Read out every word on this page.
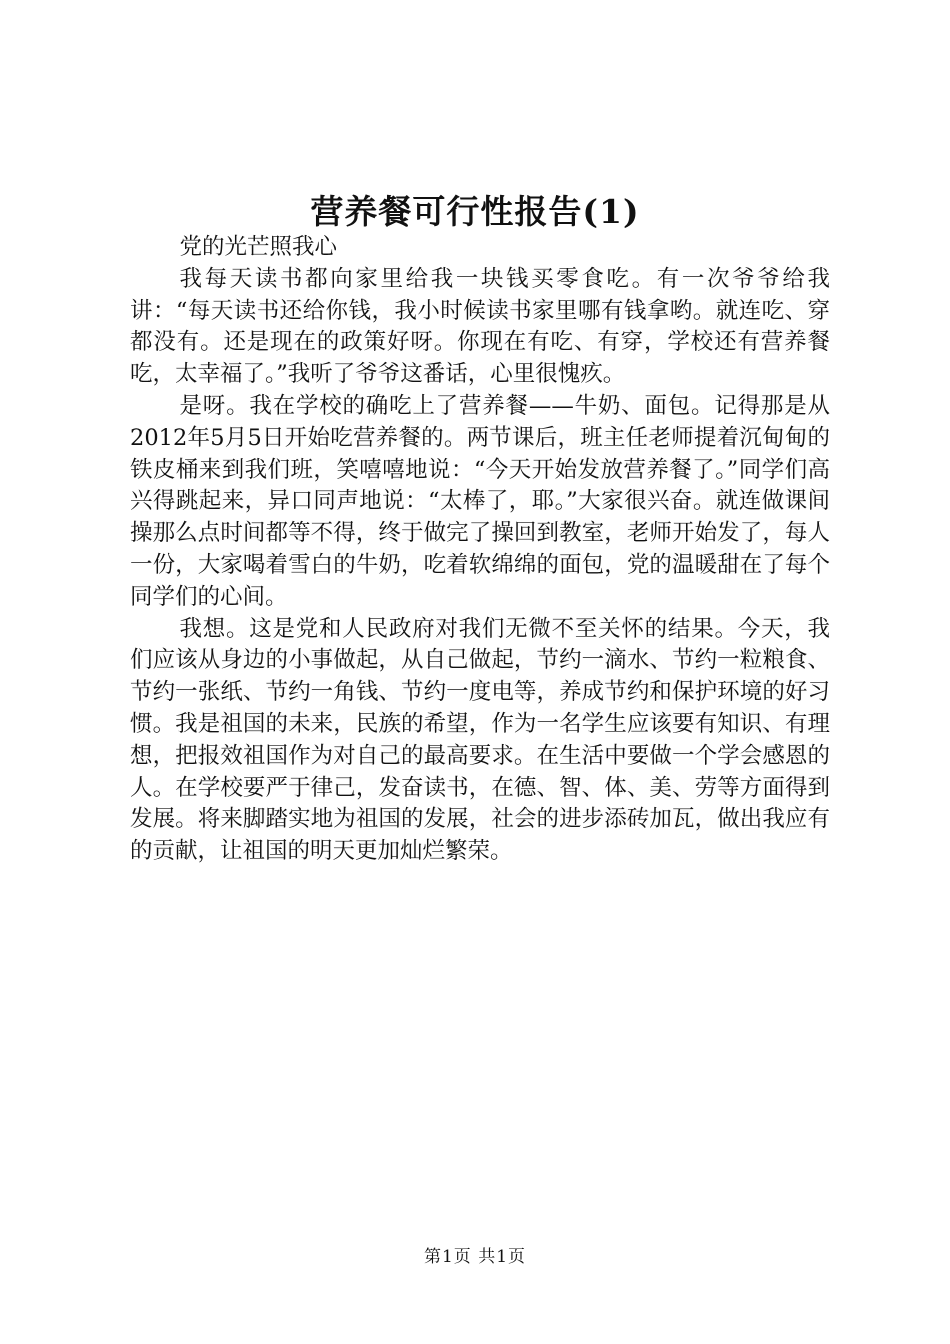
营养餐可行性报告(1)

党的光芒照我心

我每天读书都向家里给我一块钱买零食吃。有一次爷爷给我讲：“每天读书还给你钱，我小时候读书家里哪有钱拿哟。就连吃、穿都没有。还是现在的政策好呀。你现在有吃、有穿，学校还有营养餐吃，太幸福了。”我听了爷爷这番话，心里很愧疚。

是呀。我在学校的确吃上了营养餐——牛奶、面包。记得那是从2012年5月5日开始吃营养餐的。两节课后，班主任老师提着沉甸甸的铁皮桶来到我们班，笑嘻嘻地说：“今天开始发放营养餐了。”同学们高兴得跳起来，异口同声地说：“太棒了，耶。”大家很兴奋。就连做课间操那么点时间都等不得，终于做完了操回到教室，老师开始发了，每人一份，大家喝着雪白的牛奶，吃着软绵绵的面包，党的温暖甜在了每个同学们的心间。

我想。这是党和人民政府对我们无微不至关怀的结果。今天，我们应该从身边的小事做起，从自己做起，节约一滴水、节约一粒粮食、节约一张纸、节约一角钱、节约一度电等，养成节约和保护环境的好习惯。我是祖国的未来，民族的希望，作为一名学生应该要有知识、有理想，把报效祖国作为对自己的最高要求。在生活中要做一个学会感恩的人。在学校要严于律己，发奋读书，在德、智、体、美、劳等方面得到发展。将来脚踏实地为祖国的发展，社会的进步添砖加瓦，做出我应有的贡献，让祖国的明天更加灿烂繁荣。

第1页 共1页
